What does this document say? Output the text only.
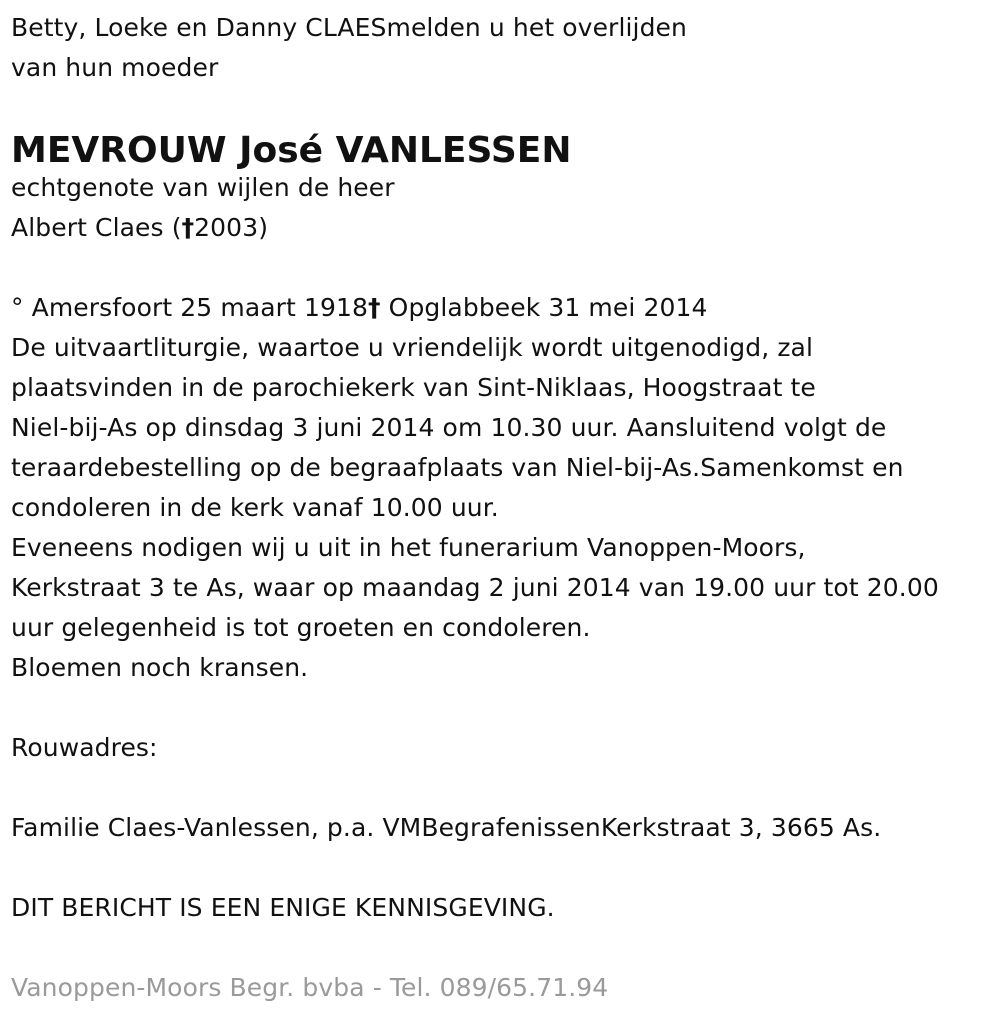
Betty, Loeke en Danny CLAESmelden u het overlijden
van hun moeder
MEVROUW José VANLESSEN
echtgenote van wijlen de heer
Albert Claes (†2003)
° Amersfoort 25 maart 1918† Opglabbeek 31 mei 2014
De uitvaartliturgie, waartoe u vriendelijk wordt uitgenodigd, zal
plaatsvinden in de parochiekerk van Sint-Niklaas, Hoogstraat te
Niel-bij-As op dinsdag 3 juni 2014 om 10.30 uur. Aansluitend volgt de
teraardebestelling op de begraafplaats van Niel-bij-As.Samenkomst en
condoleren in de kerk vanaf 10.00 uur.
Eveneens nodigen wij u uit in het funerarium Vanoppen-Moors,
Kerkstraat 3 te As, waar op maandag 2 juni 2014 van 19.00 uur tot 20.00
uur gelegenheid is tot groeten en condoleren.
Bloemen noch kransen.
Rouwadres:
Familie Claes-Vanlessen, p.a. VMBegrafenissenKerkstraat 3, 3665 As.
DIT BERICHT IS EEN ENIGE KENNISGEVING.
Vanoppen-Moors Begr. bvba - Tel. 089/65.71.94
